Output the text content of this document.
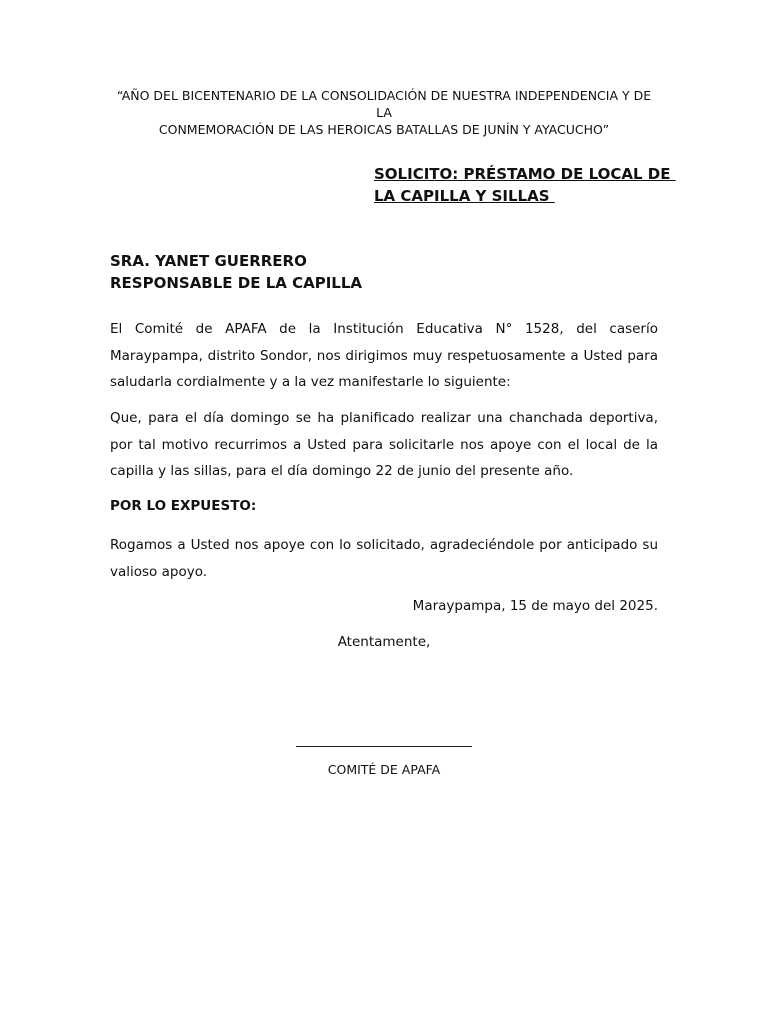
“AÑO DEL BICENTENARIO DE LA CONSOLIDACIÓN DE NUESTRA INDEPENDENCIA Y DE LA
CONMEMORACIÓN DE LAS HEROICAS BATALLAS DE JUNÍN Y AYACUCHO”
SOLICITO: PRÉSTAMO DE LOCAL DE
LA CAPILLA Y SILLAS
SRA. YANET GUERRERO
RESPONSABLE DE LA CAPILLA
El Comité de APAFA de la Institución Educativa N° 1528, del caserío Maraypampa, distrito Sondor, nos dirigimos muy respetuosamente a Usted para saludarla cordialmente y a la vez manifestarle lo siguiente:
Que, para el día domingo se ha planificado realizar una chanchada deportiva, por tal motivo recurrimos a Usted para solicitarle nos apoye con el local de la capilla y las sillas, para el día domingo 22 de junio del presente año.
POR LO EXPUESTO:
Rogamos a Usted nos apoye con lo solicitado, agradeciéndole por anticipado su valioso apoyo.
Maraypampa, 15 de mayo del 2025.
Atentamente,
COMITÉ DE APAFA
